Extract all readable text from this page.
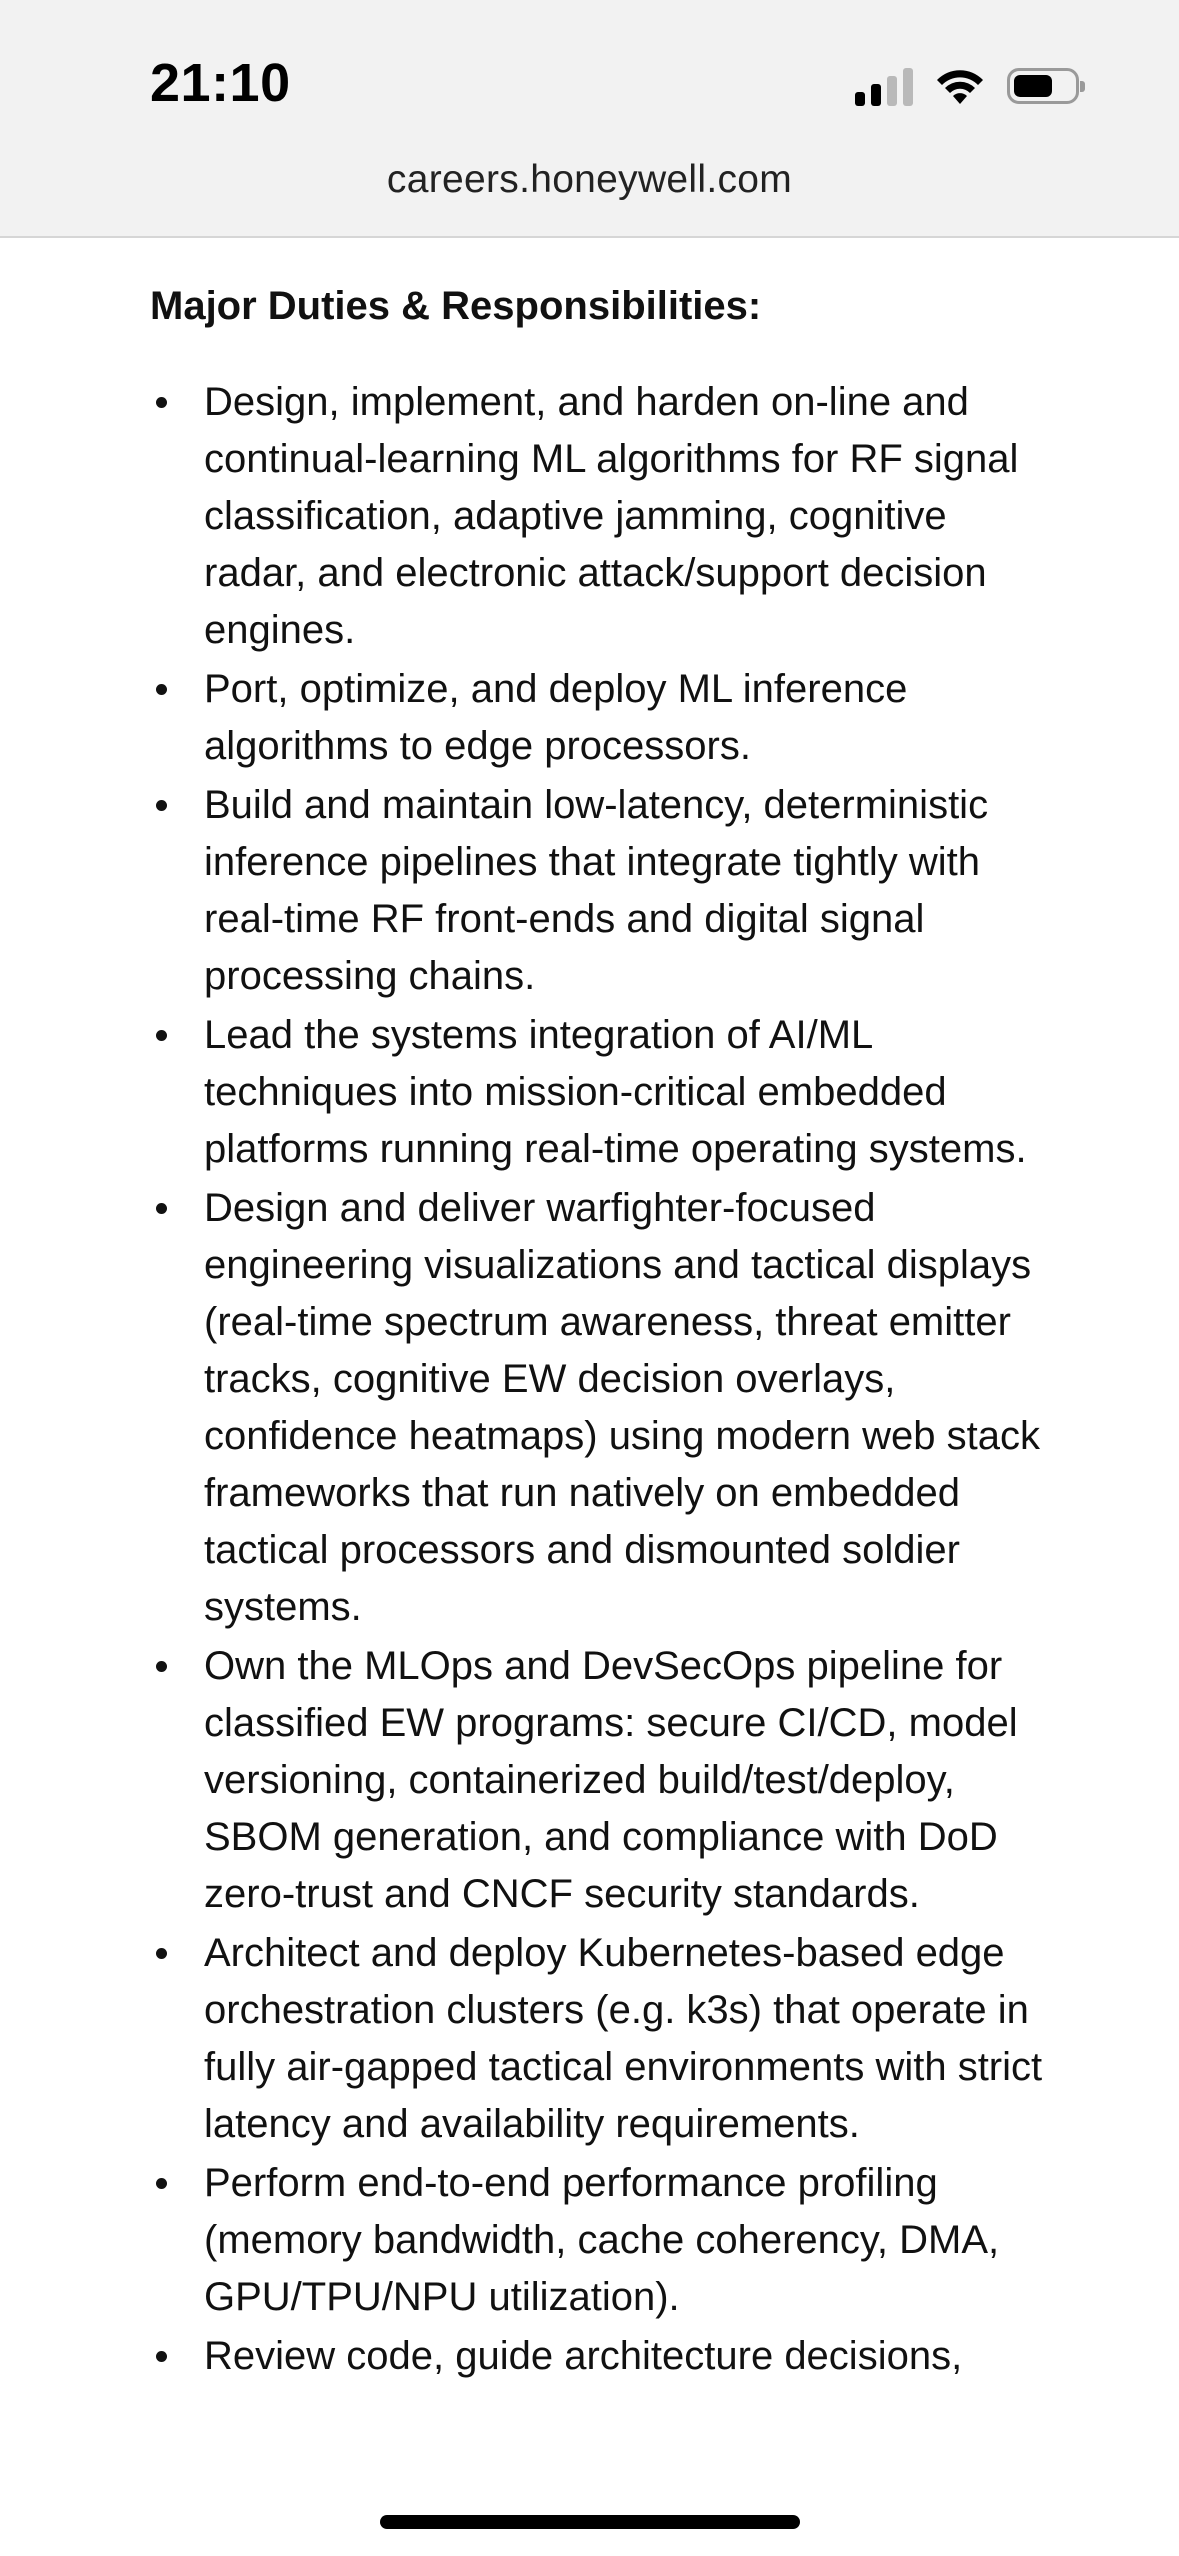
21:10
careers.honeywell.com
Major Duties & Responsibilities:
Design, implement, and harden on-line and continual-learning ML algorithms for RF signal classification, adaptive jamming, cognitive radar, and electronic attack/support decision engines.
Port, optimize, and deploy ML inference algorithms to edge processors.
Build and maintain low-latency, deterministic inference pipelines that integrate tightly with real-time RF front-ends and digital signal processing chains.
Lead the systems integration of AI/ML techniques into mission-critical embedded platforms running real-time operating systems.
Design and deliver warfighter-focused engineering visualizations and tactical displays (real-time spectrum awareness, threat emitter tracks, cognitive EW decision overlays, confidence heatmaps) using modern web stack frameworks that run natively on embedded tactical processors and dismounted soldier systems.
Own the MLOps and DevSecOps pipeline for classified EW programs: secure CI/CD, model versioning, containerized build/test/deploy, SBOM generation, and compliance with DoD zero-trust and CNCF security standards.
Architect and deploy Kubernetes-based edge orchestration clusters (e.g. k3s) that operate in fully air-gapped tactical environments with strict latency and availability requirements.
Perform end-to-end performance profiling (memory bandwidth, cache coherency, DMA, GPU/TPU/NPU utilization).
Review code, guide architecture decisions,
